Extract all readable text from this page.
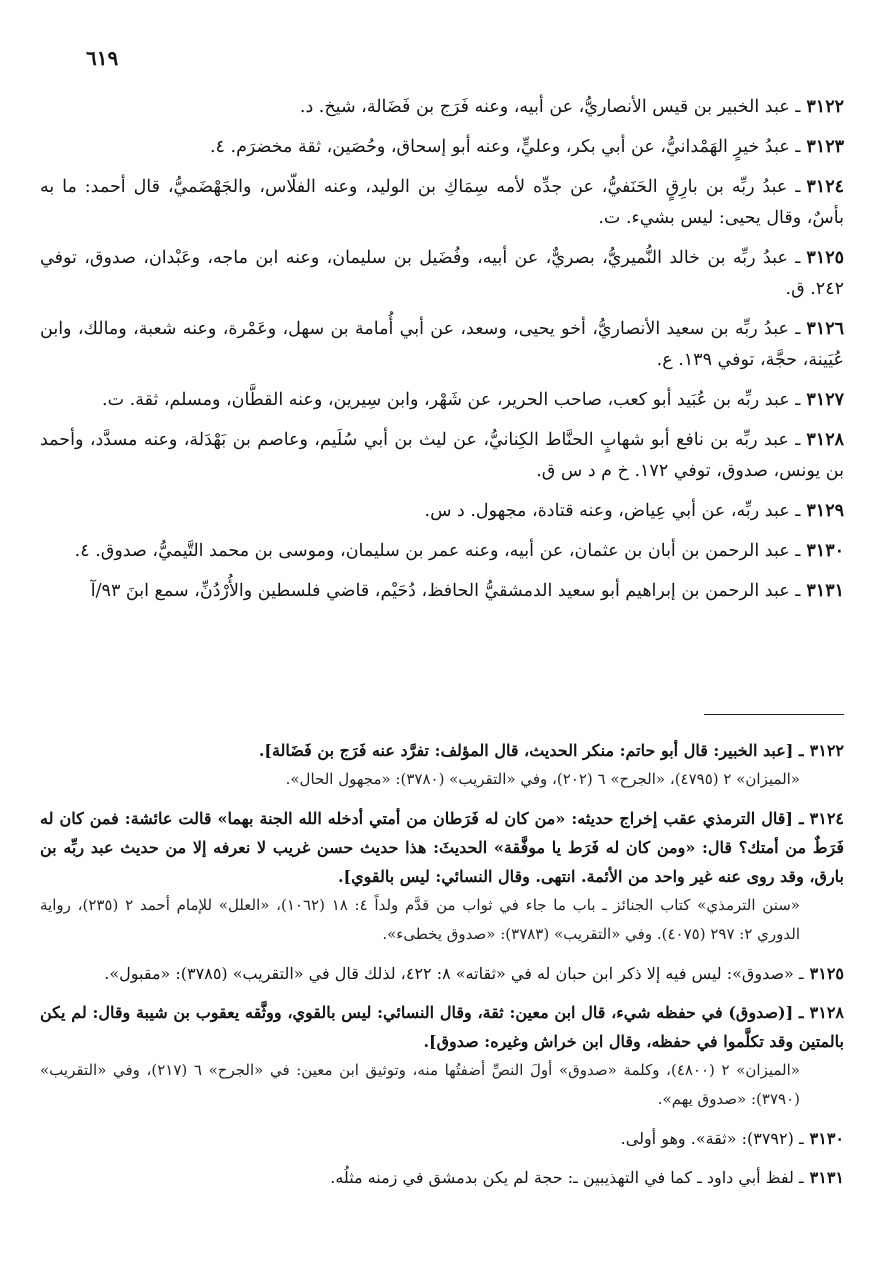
٦١٩

٣١٢٢ـ عبد الخبير بن قيس الأنصاريُّ، عن أبيه، وعنه فَرَج بن فَضَالة، شيخ. د.

٣١٢٣ـ عبدُ خيرٍ الهَمْدانيُّ، عن أبي بكر، وعليٍّ، وعنه أبو إسحاق، وحُصَين، ثقة مخضرَم. ٤.

٣١٢٤ـ عبدُ ربِّه بن بارِقٍ الحَنَفيُّ، عن جدِّه لأمه سِمَاكِ بن الوليد، وعنه الفلّاس، والجَهْضَميُّ، قال أحمد: ما به بأسٌ، وقال يحيى: ليس بشيء. ت.

٣١٢٥ـ عبدُ ربِّه بن خالد النُّميريُّ، بصريٌّ، عن أبيه، وفُضَيل بن سليمان، وعنه ابن ماجه، وعَبْدان، صدوق، توفي ٢٤٢. ق.

٣١٢٦ـ عبدُ ربِّه بن سعيد الأنصاريُّ، أخو يحيى، وسعد، عن أبي أُمامة بن سهل، وعَمْرة، وعنه شعبة، ومالك، وابن عُيَينة، حجَّة، توفي ١٣٩. ع.

٣١٢٧ـ عبد ربِّه بن عُبَيد أبو كعب، صاحب الحرير، عن شَهْر، وابن سِيرين، وعنه القطَّان، ومسلم، ثقة. ت.

٣١٢٨ـ عبد ربِّه بن نافع أبو شهابٍ الحنَّاط الكِنانيُّ، عن ليث بن أبي سُلَيم، وعاصم بن بَهْدَلة، وعنه مسدَّد، وأحمد بن يونس، صدوق، توفي ١٧٢. خ م د س ق.

٣١٢٩ـ عبد ربِّه، عن أبي عِياض، وعنه قتادة، مجهول. د س.

٣١٣٠ـ عبد الرحمن بن أبان بن عثمان، عن أبيه، وعنه عمر بن سليمان، وموسى بن محمد التَّيميُّ، صدوق. ٤.

٣١٣١ـ عبد الرحمن بن إبراهيم أبو سعيد الدمشقيُّ الحافظ، دُحَيْم، قاضي فلسطين والأُرْدُنِّ، سمع ابنَ ٩٣/آ

٣١٢٢ـ [عبد الخبير: قال أبو حاتم: منكر الحديث، قال المؤلف: تفرَّد عنه فَرَج بن فَضَالة].
«الميزان» ٢ (٤٧٩٥)، «الجرح» ٦ (٢٠٢)، وفي «التقريب» (٣٧٨٠): «مجهول الحال».
٣١٢٤ـ [قال الترمذي عقب إخراج حديثه: «من كان له فَرَطان من أمتي أدخله الله الجنة بهما» قالت عائشة: فمن كان له فَرَطٌ من أمتك؟ قال: «ومن كان له فَرَط يا موفَّقة» الحديثَ: هذا حديث حسن غريب لا نعرفه إلا من حديث عبد ربِّه بن بارق، وقد روى عنه غير واحد من الأئمة. انتهى. وقال النسائي: ليس بالقوي].
«سنن الترمذي» كتاب الجنائز ـ باب ما جاء في ثواب من قدَّم ولداً ٤: ١٨ (١٠٦٢)، «العلل» للإمام أحمد ٢ (٢٣٥)، رواية الدوري ٢: ٢٩٧ (٤٠٧٥). وفي «التقريب» (٣٧٨٣): «صدوق يخطىء».
٣١٢٥ـ «صدوق»: ليس فيه إلا ذكر ابن حبان له في «ثقاته» ٨: ٤٢٢، لذلك قال في «التقريب» (٣٧٨٥): «مقبول».
٣١٢٨ـ [(صدوق) في حفظه شيء، قال ابن معين: ثقة، وقال النسائي: ليس بالقوي، ووثَّقه يعقوب بن شيبة وقال: لم يكن بالمتين وقد تكلَّموا في حفظه، وقال ابن خراش وغيره: صدوق].
«الميزان» ٢ (٤٨٠٠)، وكلمة «صدوق» أولَ النصِّ أضفتُها منه، وتوثيق ابن معين: في «الجرح» ٦ (٢١٧)، وفي «التقريب» (٣٧٩٠): «صدوق يهم».
٣١٣٠ـ (٣٧٩٢): «ثقة». وهو أولى.
٣١٣١ـ لفظ أبي داود ـ كما في التهذيبين ـ: حجة لم يكن بدمشق في زمنه مثلُه.
